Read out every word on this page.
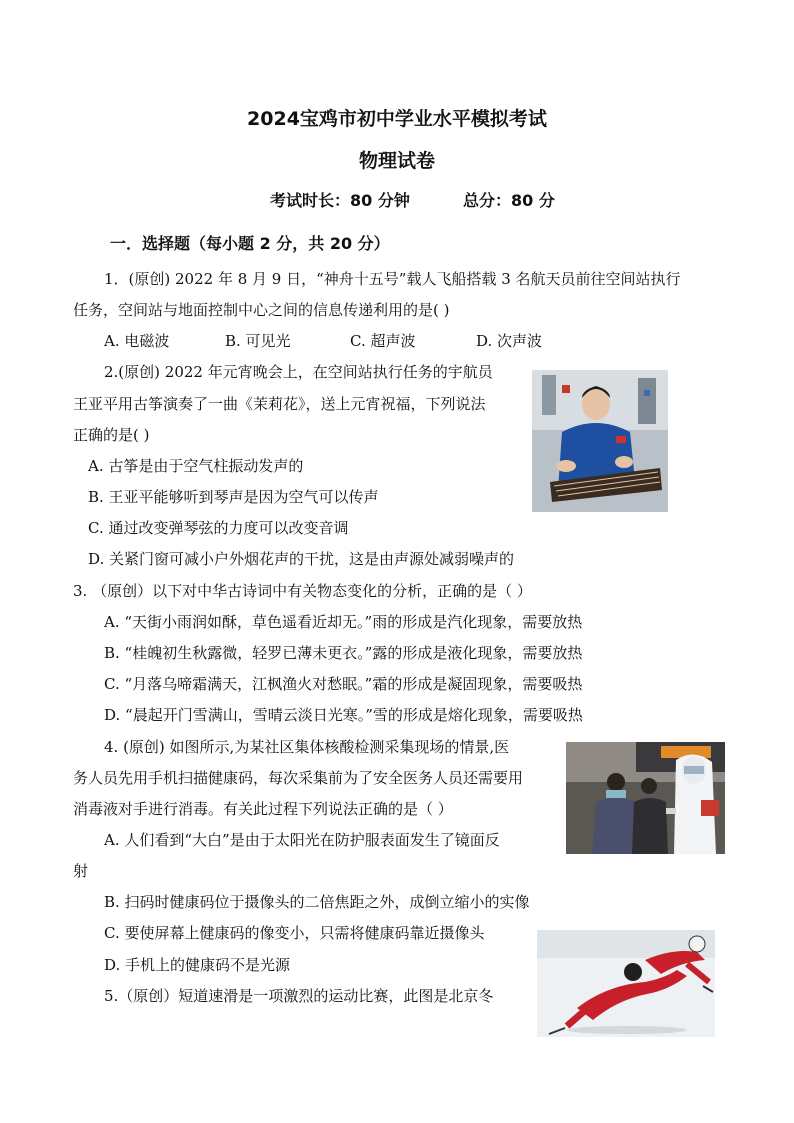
2024宝鸡市初中学业水平模拟考试
物理试卷
考试时长：80 分钟	总分：80 分
一．选择题（每小题 2 分，共 20 分）
1．(原创) 2022 年 8 月 9 日，“神舟十五号”载人飞船搭载 3 名航天员前往空间站执行
任务，空间站与地面控制中心之间的信息传递利用的是( )
A. 电磁波	B. 可见光	C. 超声波	D. 次声波
2.(原创) 2022 年元宵晚会上，在空间站执行任务的宇航员
王亚平用古筝演奏了一曲《茉莉花》，送上元宵祝福，下列说法
正确的是( )
A. 古筝是由于空气柱振动发声的
B. 王亚平能够听到琴声是因为空气可以传声
C. 通过改变弹琴弦的力度可以改变音调
D. 关紧门窗可减小户外烟花声的干扰，这是由声源处减弱噪声的
3. （原创）以下对中华古诗词中有关物态变化的分析，正确的是（ ）
A. “天街小雨润如酥，草色遥看近却无。”雨的形成是汽化现象，需要放热
B. “桂魄初生秋露微，轻罗已薄未更衣。”露的形成是液化现象，需要放热
C. “月落乌啼霜满天，江枫渔火对愁眠。”霜的形成是凝固现象，需要吸热
D. “晨起开门雪满山，雪晴云淡日光寒。”雪的形成是熔化现象，需要吸热
4. (原创) 如图所示,为某社区集体核酸检测采集现场的情景,医
务人员先用手机扫描健康码，每次采集前为了安全医务人员还需要用
消毒液对手进行消毒。有关此过程下列说法正确的是（ ）
A. 人们看到“大白”是由于太阳光在防护服表面发生了镜面反
射
B. 扫码时健康码位于摄像头的二倍焦距之外，成倒立缩小的实像
C. 要使屏幕上健康码的像变小，只需将健康码靠近摄像头
D. 手机上的健康码不是光源
5.（原创）短道速滑是一项激烈的运动比赛，此图是北京冬
